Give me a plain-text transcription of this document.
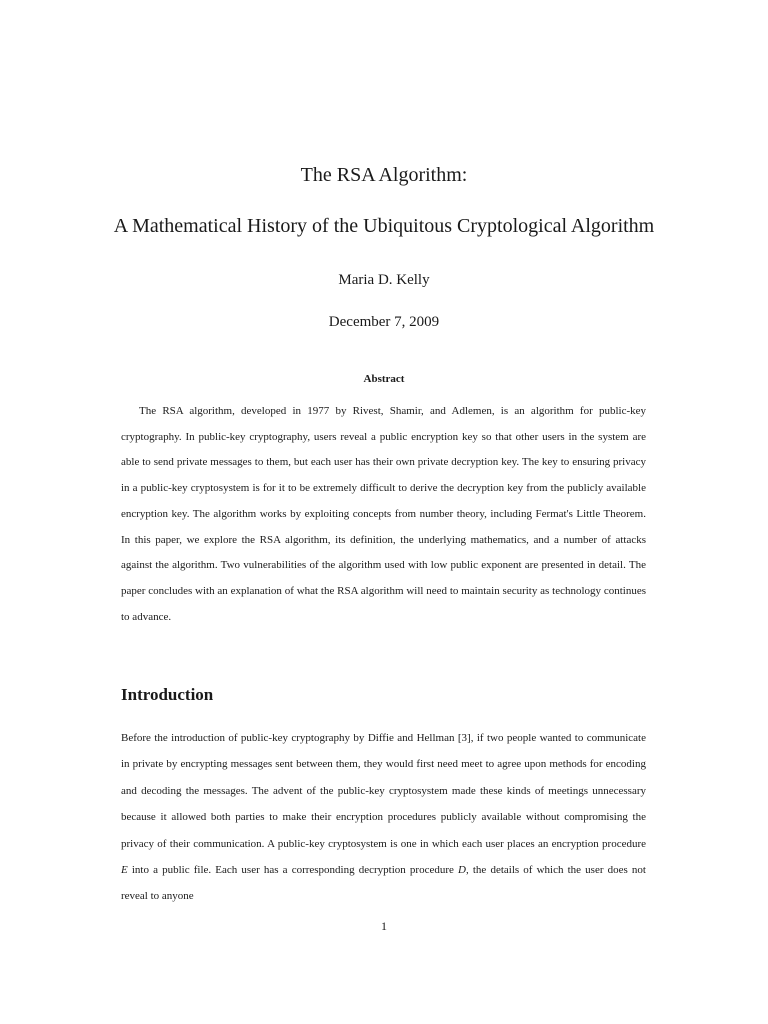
The RSA Algorithm:
A Mathematical History of the Ubiquitous Cryptological Algorithm
Maria D. Kelly
December 7, 2009
Abstract

The RSA algorithm, developed in 1977 by Rivest, Shamir, and Adlemen, is an algorithm for public-key cryptography. In public-key cryptography, users reveal a public encryption key so that other users in the system are able to send private messages to them, but each user has their own private decryption key. The key to ensuring privacy in a public-key cryptosystem is for it to be extremely difficult to derive the decryption key from the publicly available encryption key. The algorithm works by exploiting concepts from number theory, including Fermat's Little Theorem. In this paper, we explore the RSA algorithm, its definition, the underlying mathematics, and a number of attacks against the algorithm. Two vulnerabilities of the algorithm used with low public exponent are presented in detail. The paper concludes with an explanation of what the RSA algorithm will need to maintain security as technology continues to advance.

Introduction

Before the introduction of public-key cryptography by Diffie and Hellman [3], if two people wanted to communicate in private by encrypting messages sent between them, they would first need meet to agree upon methods for encoding and decoding the messages. The advent of the public-key cryptosystem made these kinds of meetings unnecessary because it allowed both parties to make their encryption procedures publicly available without compromising the privacy of their communication. A public-key cryptosystem is one in which each user places an encryption procedure E into a public file. Each user has a corresponding decryption procedure D, the details of which the user does not reveal to anyone

1
